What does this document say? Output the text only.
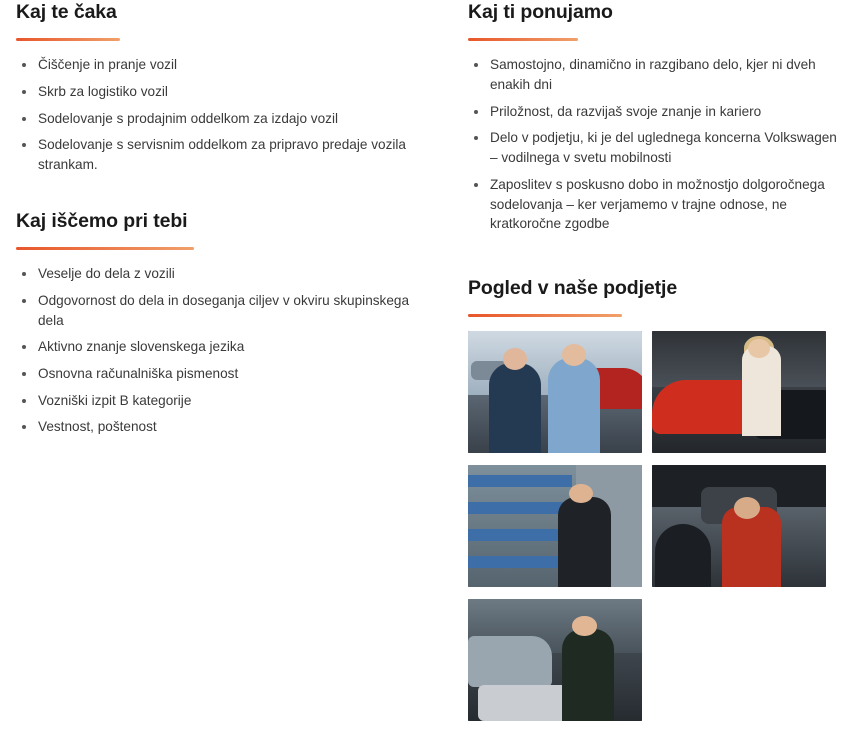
Kaj te čaka
Čiščenje in pranje vozil
Skrb za logistiko vozil
Sodelovanje s prodajnim oddelkom za izdajo vozil
Sodelovanje s servisnim oddelkom za pripravo predaje vozila strankam.
Kaj iščemo pri tebi
Veselje do dela z vozili
Odgovornost do dela in doseganja ciljev v okviru skupinskega dela
Aktivno znanje slovenskega jezika
Osnovna računalniška pismenost
Vozniški izpit B kategorije
Vestnost, poštenost
Kaj ti ponujamo
Samostojno, dinamično in razgibano delo, kjer ni dveh enakih dni
Priložnost, da razvijaš svoje znanje in kariero
Delo v podjetju, ki je del uglednega koncerna Volkswagen – vodilnega v svetu mobilnosti
Zaposlitev s poskusno dobo in možnostjo dolgoročnega sodelovanja – ker verjamemo v trajne odnose, ne kratkoročne zgodbe
Pogled v naše podjetje
